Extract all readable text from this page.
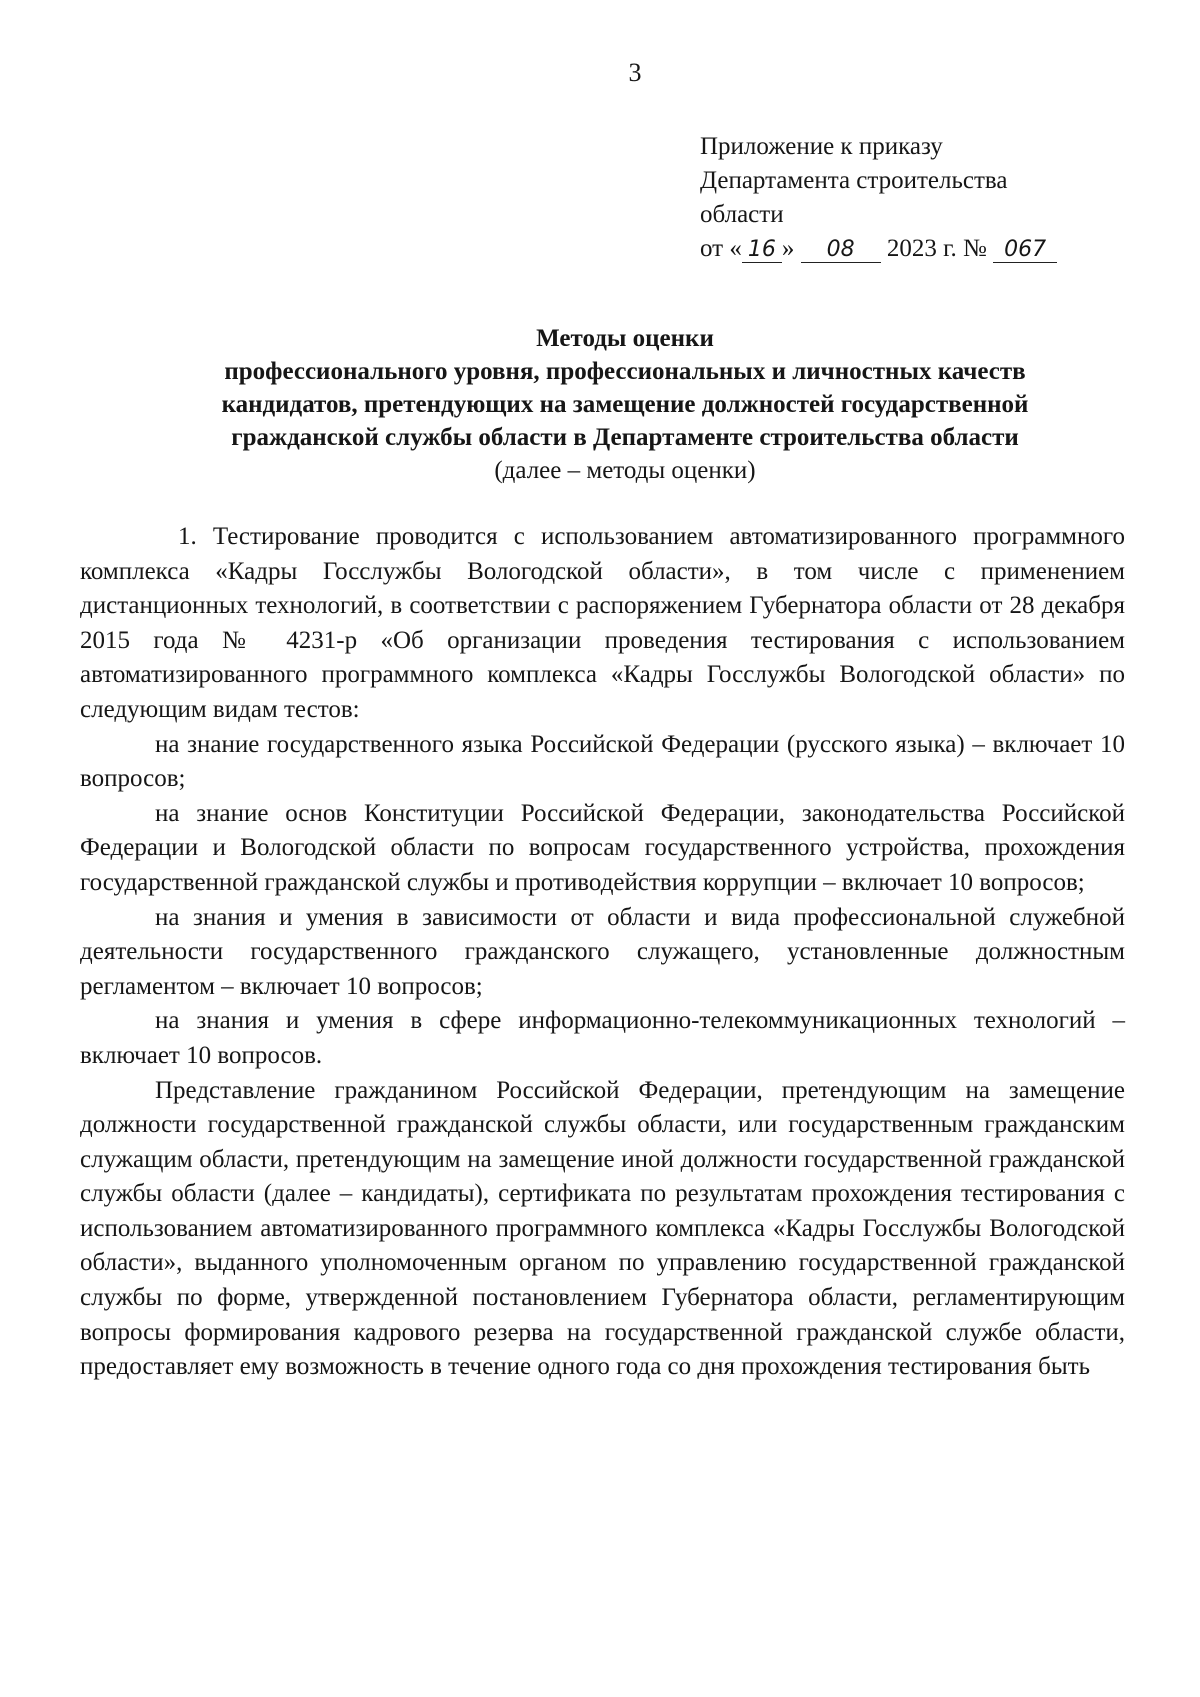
3
Приложение к приказу
Департамента строительства
области
от « 16 » 08 2023 г. № 067
Методы оценки
профессионального уровня, профессиональных и личностных качеств
кандидатов, претендующих на замещение должностей государственной
гражданской службы области в Департаменте строительства области
(далее – методы оценки)

1. Тестирование проводится с использованием автоматизированного программного комплекса «Кадры Госслужбы Вологодской области», в том числе с применением дистанционных технологий, в соответствии с распоряжением Губернатора области от 28 декабря 2015 года № 4231-р «Об организации проведения тестирования с использованием автоматизированного программного комплекса «Кадры Госслужбы Вологодской области» по следующим видам тестов:

на знание государственного языка Российской Федерации (русского языка) – включает 10 вопросов;

на знание основ Конституции Российской Федерации, законодательства Российской Федерации и Вологодской области по вопросам государственного устройства, прохождения государственной гражданской службы и противодействия коррупции – включает 10 вопросов;

на знания и умения в зависимости от области и вида профессиональной служебной деятельности государственного гражданского служащего, установленные должностным регламентом – включает 10 вопросов;

на знания и умения в сфере информационно-телекоммуникационных технологий – включает 10 вопросов.

Представление гражданином Российской Федерации, претендующим на замещение должности государственной гражданской службы области, или государственным гражданским служащим области, претендующим на замещение иной должности государственной гражданской службы области (далее – кандидаты), сертификата по результатам прохождения тестирования с использованием автоматизированного программного комплекса «Кадры Госслужбы Вологодской области», выданного уполномоченным органом по управлению государственной гражданской службы по форме, утвержденной постановлением Губернатора области, регламентирующим вопросы формирования кадрового резерва на государственной гражданской службе области, предоставляет ему возможность в течение одного года со дня прохождения тестирования быть
